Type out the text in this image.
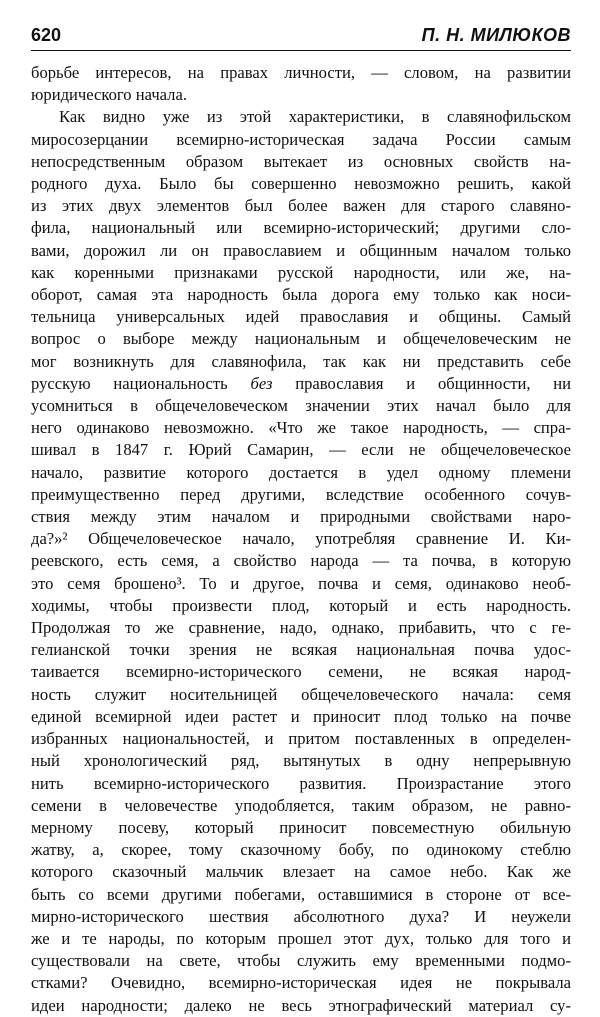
620	П. Н. МИЛЮКОВ
борьбе интересов, на правах личности, — словом, на развитии
юридического начала.
Как видно уже из этой характеристики, в славянофильском
миросозерцании всемирно-историческая задача России самым
непосредственным образом вытекает из основных свойств на-
родного духа. Было бы совершенно невозможно решить, какой
из этих двух элементов был более важен для старого славяно-
фила, национальный или всемирно-исторический; другими сло-
вами, дорожил ли он православием и общинным началом только
как коренными признаками русской народности, или же, на-
оборот, самая эта народность была дорога ему только как носи-
тельница универсальных идей православия и общины. Самый
вопрос о выборе между национальным и общечеловеческим не
мог возникнуть для славянофила, так как ни представить себе
русскую национальность без православия и общинности, ни
усомниться в общечеловеческом значении этих начал было для
него одинаково невозможно. «Что же такое народность, — спра-
шивал в 1847 г. Юрий Самарин, — если не общечеловеческое
начало, развитие которого достается в удел одному племени
преимущественно перед другими, вследствие особенного сочув-
ствия между этим началом и природными свойствами наро-
да?»² Общечеловеческое начало, употребляя сравнение И. Ки-
реевского, есть семя, а свойство народа — та почва, в которую
это семя брошено³. То и другое, почва и семя, одинаково необ-
ходимы, чтобы произвести плод, который и есть народность.
Продолжая то же сравнение, надо, однако, прибавить, что с ге-
гелианской точки зрения не всякая национальная почва удос-
таивается всемирно-исторического семени, не всякая народ-
ность служит носительницей общечеловеческого начала: семя
единой всемирной идеи растет и приносит плод только на почве
избранных национальностей, и притом поставленных в определен-
ный хронологический ряд, вытянутых в одну непрерывную
нить всемирно-исторического развития. Произрастание этого
семени в человечестве уподобляется, таким образом, не равно-
мерному посеву, который приносит повсеместную обильную
жатву, а, скорее, тому сказочному бобу, по одинокому стеблю
которого сказочный мальчик влезает на самое небо. Как же
быть со всеми другими побегами, оставшимися в стороне от все-
мирно-исторического шествия абсолютного духа? И неужели
же и те народы, по которым прошел этот дух, только для того и
существовали на свете, чтобы служить ему временными подмо-
стками? Очевидно, всемирно-историческая идея не покрывала
идеи народности; далеко не весь этнографический материал су-
